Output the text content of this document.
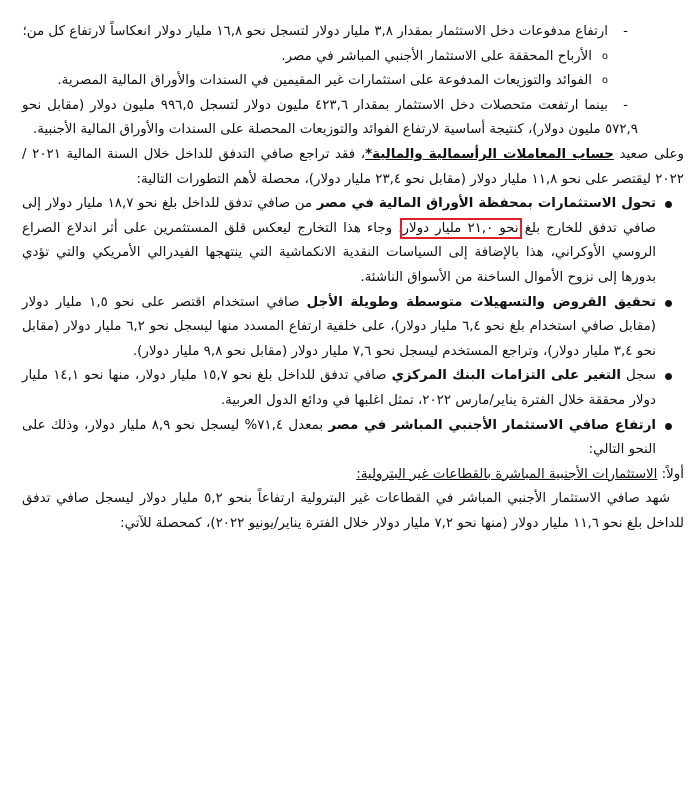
-
ارتفاع مدفوعات دخل الاستثمار بمقدار ٣,٨ مليار دولار لتسجل نحو ١٦,٨ مليار دولار انعكاساً لارتفاع كل من؛

o
الأرباح المحققة على الاستثمار الأجنبي المباشر في مصر.

o
الفوائد والتوزيعات المدفوعة على استثمارات غير المقيمين في السندات والأوراق المالية المصرية.

-
بينما ارتفعت متحصلات دخل الاستثمار بمقدار ٤٢٣,٦ مليون دولار لتسجل ٩٩٦,٥ مليون دولار (مقابل نحو ٥٧٢,٩ مليون دولار)، كنتيجة أساسية لارتفاع الفوائد والتوزيعات المحصلة على السندات والأوراق المالية الأجنبية.

وعلى صعيد حساب المعاملات الرأسمالية والمالية*، فقد تراجع صافي التدفق للداخل خلال السنة المالية ٢٠٢١ /٢٠٢٢ ليقتصر على نحو ١١,٨ مليار دولار (مقابل نحو ٢٣,٤ مليار دولار)، محصلة لأهم التطورات التالية:

تحول الاستثمارات بمحفظة الأوراق المالية في مصر من صافي تدفق للداخل بلغ نحو ١٨,٧ مليار دولار إلى صافي تدفق للخارج بلغ نحو ٢١,٠ مليار دولار، وجاء هذا التخارج ليعكس قلق المستثمرين على أثر اندلاع الصراع الروسي الأوكراني، هذا بالإضافة إلى السياسات النقدية الانكماشية التي ينتهجها الفيدرالي الأمريكي والتي تؤدي بدورها إلى نزوح الأموال الساخنة من الأسواق الناشئة.

تحقيق القروض والتسهيلات متوسطة وطويلة الأجل صافي استخدام اقتصر على نحو ١,٥ مليار دولار (مقابل صافي استخدام بلغ نحو ٦,٤ مليار دولار)، على خلفية ارتفاع المسدد منها ليسجل نحو ٦,٢ مليار دولار (مقابل نحو ٣,٤ مليار دولار)، وتراجع المستخدم ليسجل نحو ٧,٦ مليار دولار (مقابل نحو ٩,٨ مليار دولار).

سجل التغير على التزامات البنك المركزي صافي تدفق للداخل بلغ نحو ١٥,٧ مليار دولار، منها نحو ١٤,١ مليار دولار محققة خلال الفترة يناير/مارس ٢٠٢٢، تمثل اغلبها في ودائع الدول العربية.

ارتفاع صافي الاستثمار الأجنبي المباشر في مصر بمعدل ٧١,٤% ليسجل نحو ٨,٩ مليار دولار، وذلك على النحو التالي:

أولاً: الاستثمارات الأجنبية المباشرة بالقطاعات غير البترولية:

شهد صافي الاستثمار الأجنبي المباشر في القطاعات غير البترولية ارتفاعاً بنحو ٥,٢ مليار دولار ليسجل صافي تدفق للداخل بلغ نحو ١١,٦ مليار دولار (منها نحو ٧,٢ مليار دولار خلال الفترة يناير/يونيو ٢٠٢٢)، كمحصلة للآتي:
